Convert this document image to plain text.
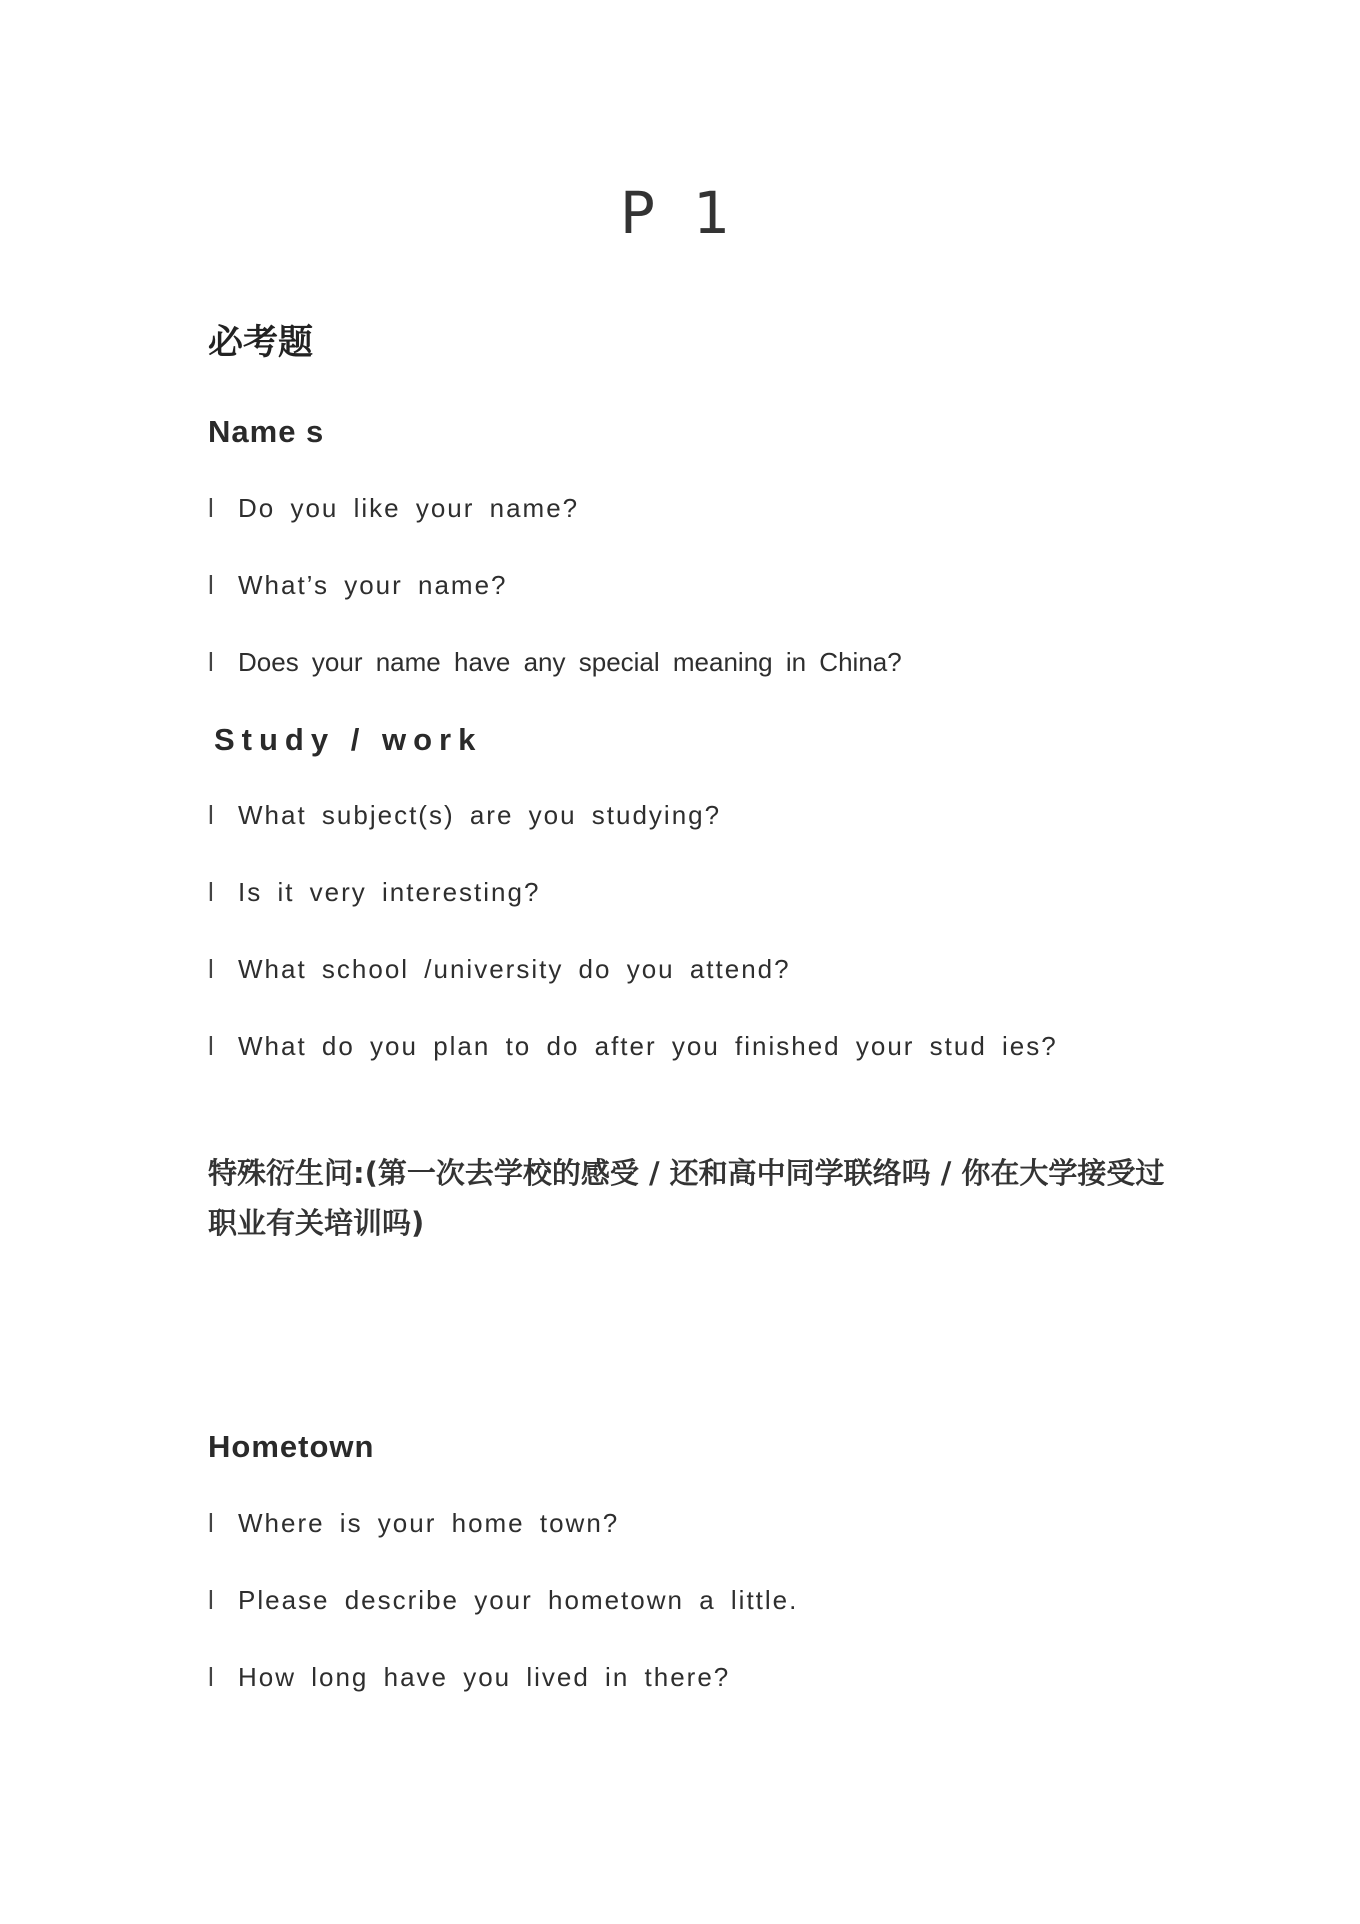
P 1
必考题
Name s

l Do you like your name?

l What’s your name?

l Does your name have any special meaning in China?

Study / work

l What subject(s) are you studying?

l Is it very interesting?

l What school /university do you attend?

l What do you plan to do after you finished your stud ies?

特殊衍生问:(第一次去学校的感受 / 还和高中同学联络吗 / 你在大学接受过职业有关培训吗)

Hometown

l Where is your home town?

l Please describe your hometown a little.

l How long have you lived in there?
